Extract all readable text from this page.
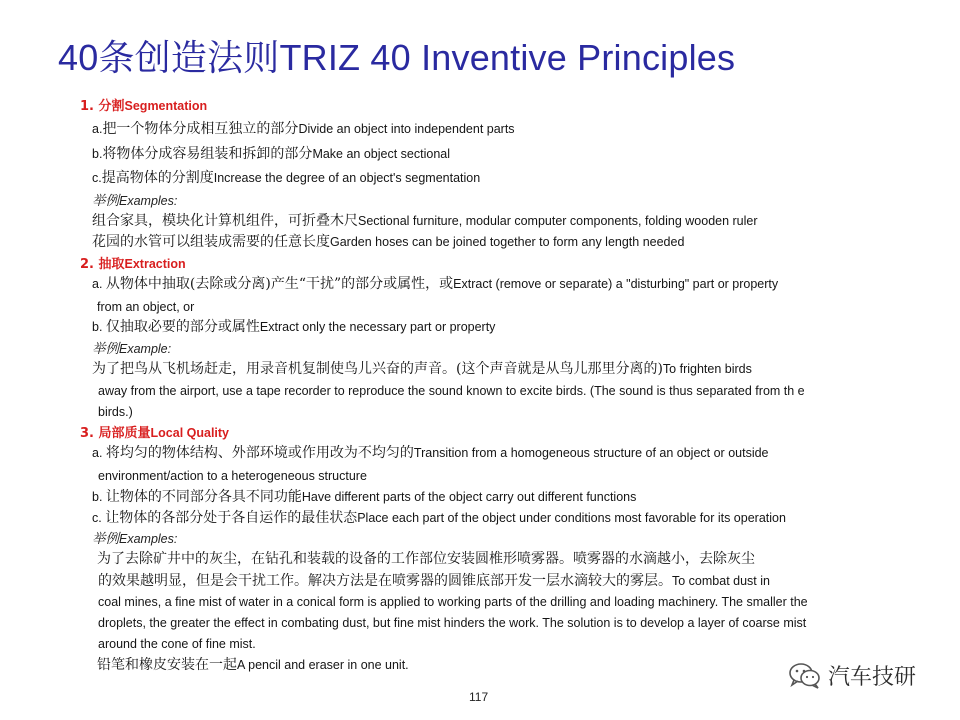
40条创造法则TRIZ 40 Inventive Principles
1. 分割Segmentation
a.把一个物体分成相互独立的部分Divide an object into independent parts
b.将物体分成容易组装和拆卸的部分Make an object sectional
c.提高物体的分割度Increase the degree of an object's segmentation
举例Examples:
组合家具，模块化计算机组件，可折叠木尺Sectional furniture, modular computer components, folding wooden ruler
花园的水管可以组装成需要的任意长度Garden hoses can be joined together to form any length needed
2. 抽取Extraction
a. 从物体中抽取(去除或分离)产生“干扰”的部分或属性，或Extract (remove or separate) a "disturbing" part or property
from an object, or
b. 仅抽取必要的部分或属性Extract only the necessary part or property
举例Example:
为了把鸟从飞机场赶走，用录音机复制使鸟儿兴奋的声音。(这个声音就是从鸟儿那里分离的)To frighten birds
away from the airport, use a tape recorder to reproduce the sound known to excite birds. (The sound is thus separated from th e
birds.)
3. 局部质量Local Quality
a. 将均匀的物体结构、外部环境或作用改为不均匀的Transition from a homogeneous structure of an object or outside
environment/action to a heterogeneous structure
b. 让物体的不同部分各具不同功能Have different parts of the object carry out different functions
c. 让物体的各部分处于各自运作的最佳状态Place each part of the object under conditions most favorable for its operation
举例Examples:
为了去除矿井中的灰尘，在钻孔和装载的设备的工作部位安装圆椎形喷雾器。喷雾器的水滴越小，去除灰尘
的效果越明显，但是会干扰工作。解决方法是在喷雾器的圆锥底部开发一层水滴较大的雾层。To combat dust in
coal mines, a fine mist of water in a conical form is applied to working parts of the drilling and loading machinery. The smaller the
droplets, the greater the effect in combating dust, but fine mist hinders the work. The solution is to develop a layer of coarse mist
around the cone of fine mist.
铅笔和橡皮安装在一起A pencil and eraser in one unit.
117
汽车技研
